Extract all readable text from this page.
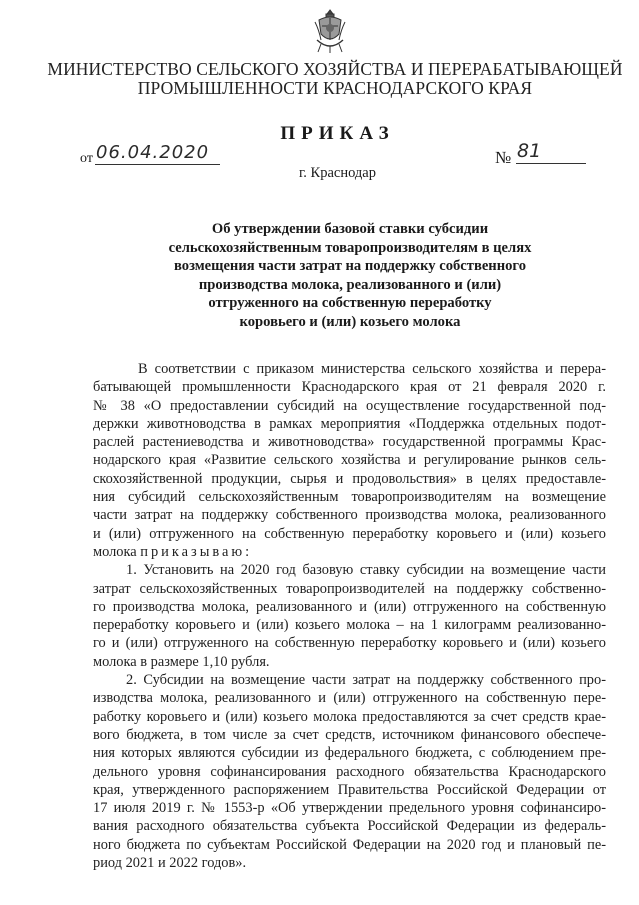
МИНИСТЕРСТВО СЕЛЬСКОГО ХОЗЯЙСТВА И ПЕРЕРАБАТЫВАЮЩЕЙ
ПРОМЫШЛЕННОСТИ КРАСНОДАРСКОГО КРАЯ
ПРИКАЗ
от 06.04.2020	№ 81
г. Краснодар
Об утверждении базовой ставки субсидии
сельскохозяйственным товаропроизводителям в целях
возмещения части затрат на поддержку собственного
производства молока, реализованного и (или)
отгруженного на собственную переработку
коровьего и (или) козьего молока

В соответствии с приказом министерства сельского хозяйства и перера-

батывающей промышленности Краснодарского края от 21 февраля 2020 г.

№ 38 «О предоставлении субсидий на осуществление государственной под-

держки животноводства в рамках мероприятия «Поддержка отдельных подот-

раслей растениеводства и животноводства» государственной программы Крас-

нодарского края «Развитие сельского хозяйства и регулирование рынков сель-

скохозяйственной продукции, сырья и продовольствия» в целях предоставле-

ния субсидий сельскохозяйственным товаропроизводителям на возмещение

части затрат на поддержку собственного производства молока, реализованного

и (или) отгруженного на собственную переработку коровьего и (или) козьего

молока приказываю:

1. Установить на 2020 год базовую ставку субсидии на возмещение части

затрат сельскохозяйственных товаропроизводителей на поддержку собственно-

го производства молока, реализованного и (или) отгруженного на собственную

переработку коровьего и (или) козьего молока – на 1 килограмм реализованно-

го и (или) отгруженного на собственную переработку коровьего и (или) козьего

молока в размере 1,10 рубля.

2. Субсидии на возмещение части затрат на поддержку собственного про-

изводства молока, реализованного и (или) отгруженного на собственную пере-

работку коровьего и (или) козьего молока предоставляются за счет средств крае-

вого бюджета, в том числе за счет средств, источником финансового обеспече-

ния которых являются субсидии из федерального бюджета, с соблюдением пре-

дельного уровня софинансирования расходного обязательства Краснодарского

края, утвержденного распоряжением Правительства Российской Федерации от

17 июля 2019 г. № 1553-р «Об утверждении предельного уровня софинансиро-

вания расходного обязательства субъекта Российской Федерации из федераль-

ного бюджета по субъектам Российской Федерации на 2020 год и плановый пе-

риод 2021 и 2022 годов».
